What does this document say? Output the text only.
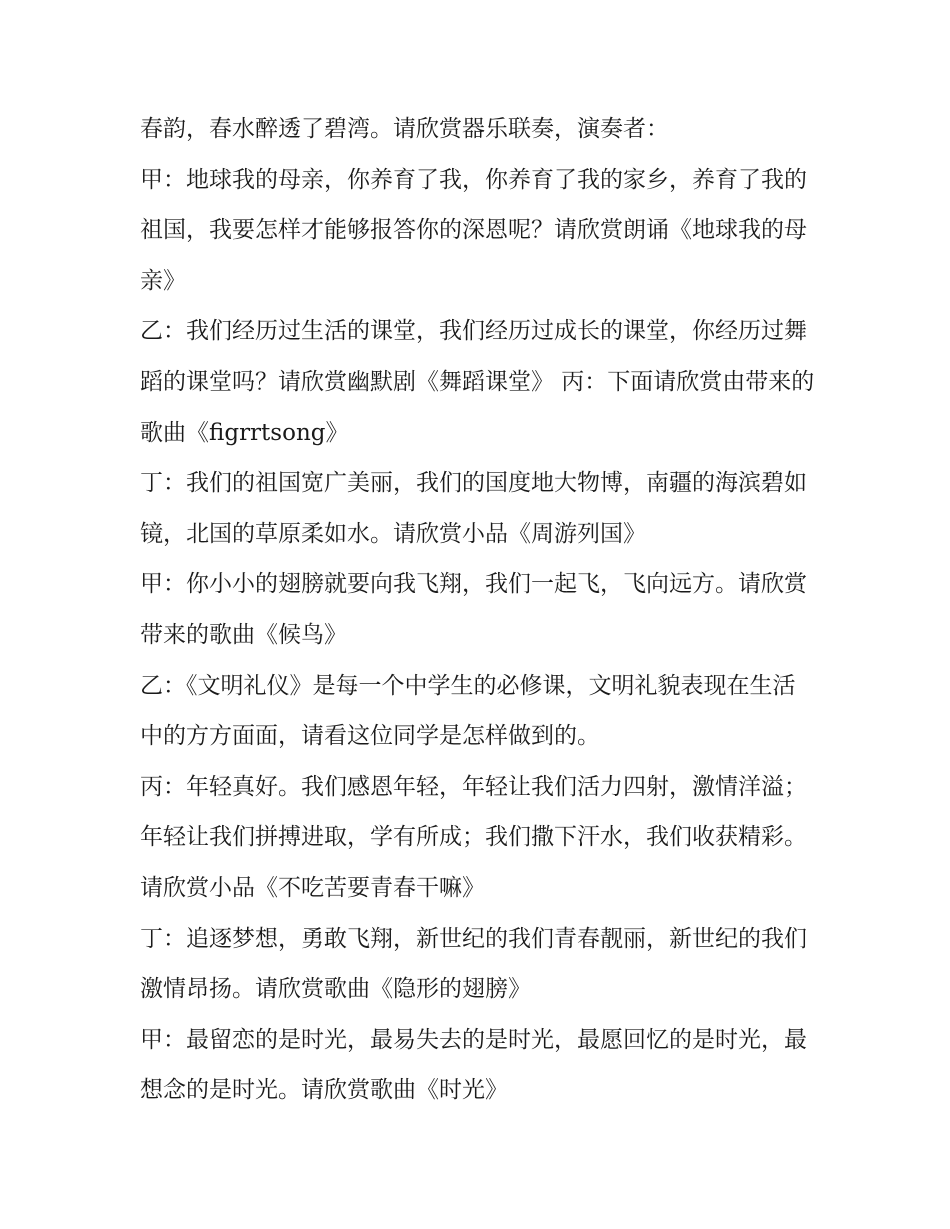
春韵，春水醉透了碧湾。请欣赏器乐联奏，演奏者：

甲：地球我的母亲，你养育了我，你养育了我的家乡，养育了我的祖国，我要怎样才能够报答你的深恩呢？请欣赏朗诵《地球我的母亲》

乙：我们经历过生活的课堂，我们经历过成长的课堂，你经历过舞蹈的课堂吗？请欣赏幽默剧《舞蹈课堂》 丙：下面请欣赏由带来的歌曲《figrrtsong》

丁：我们的祖国宽广美丽，我们的国度地大物博，南疆的海滨碧如镜，北国的草原柔如水。请欣赏小品《周游列国》

甲：你小小的翅膀就要向我飞翔，我们一起飞，飞向远方。请欣赏带来的歌曲《候鸟》

乙：《文明礼仪》是每一个中学生的必修课，文明礼貌表现在生活中的方方面面，请看这位同学是怎样做到的。

丙：年轻真好。我们感恩年轻，年轻让我们活力四射，激情洋溢；年轻让我们拼搏进取，学有所成；我们撒下汗水，我们收获精彩。请欣赏小品《不吃苦要青春干嘛》

丁：追逐梦想，勇敢飞翔，新世纪的我们青春靓丽，新世纪的我们激情昂扬。请欣赏歌曲《隐形的翅膀》

甲：最留恋的是时光，最易失去的是时光，最愿回忆的是时光，最想念的是时光。请欣赏歌曲《时光》
